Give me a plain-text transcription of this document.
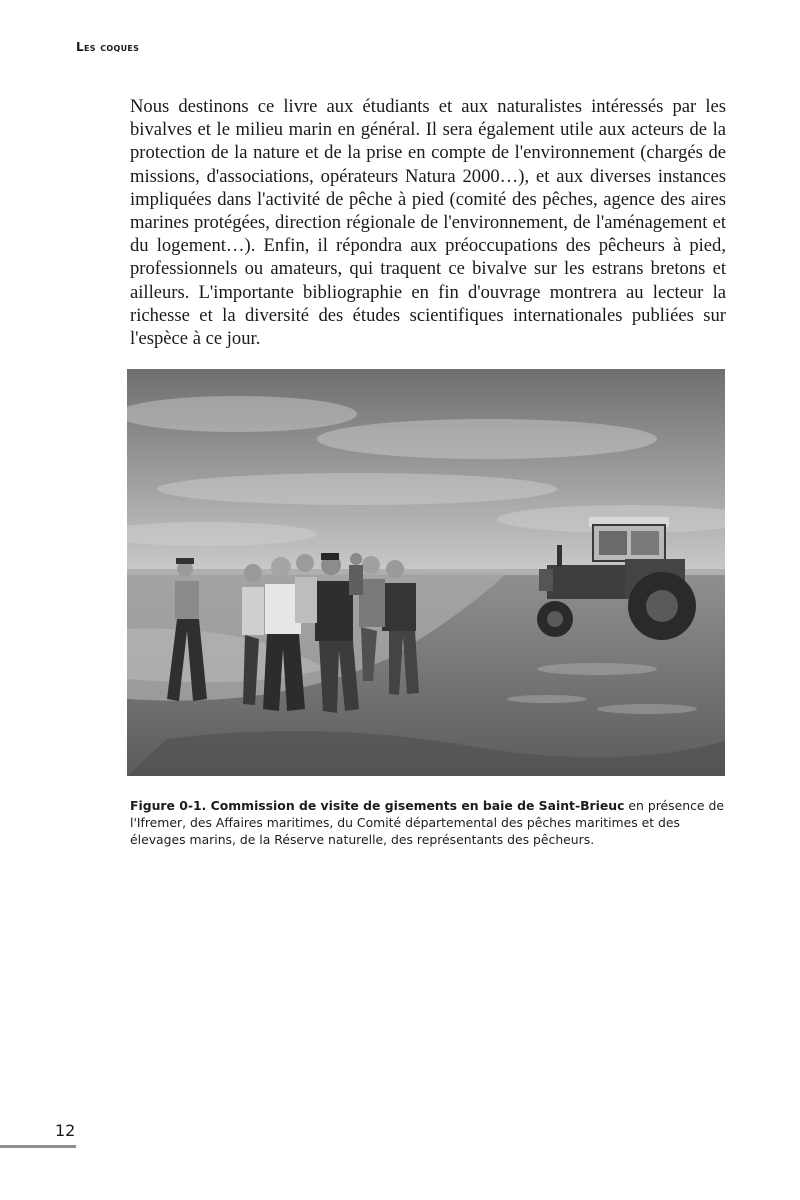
Les coques

Nous destinons ce livre aux étudiants et aux naturalistes intéressés par les bivalves et le milieu marin en général. Il sera également utile aux acteurs de la protection de la nature et de la prise en compte de l'environnement (chargés de missions, d'associations, opérateurs Natura 2000…), et aux diverses instances impliquées dans l'activité de pêche à pied (comité des pêches, agence des aires marines protégées, direction régionale de l'environnement, de l'aménagement et du logement…). Enfin, il répondra aux préoccupations des pêcheurs à pied, professionnels ou amateurs, qui traquent ce bivalve sur les estrans bretons et ailleurs. L'importante bibliographie en fin d'ouvrage montrera au lecteur la richesse et la diversité des études scientifiques internationales publiées sur l'espèce à ce jour.

Figure 0-1. Commission de visite de gisements en baie de Saint-Brieuc en présence de l'Ifremer, des Affaires maritimes, du Comité départemental des pêches maritimes et des élevages marins, de la Réserve naturelle, des représentants des pêcheurs.

12
